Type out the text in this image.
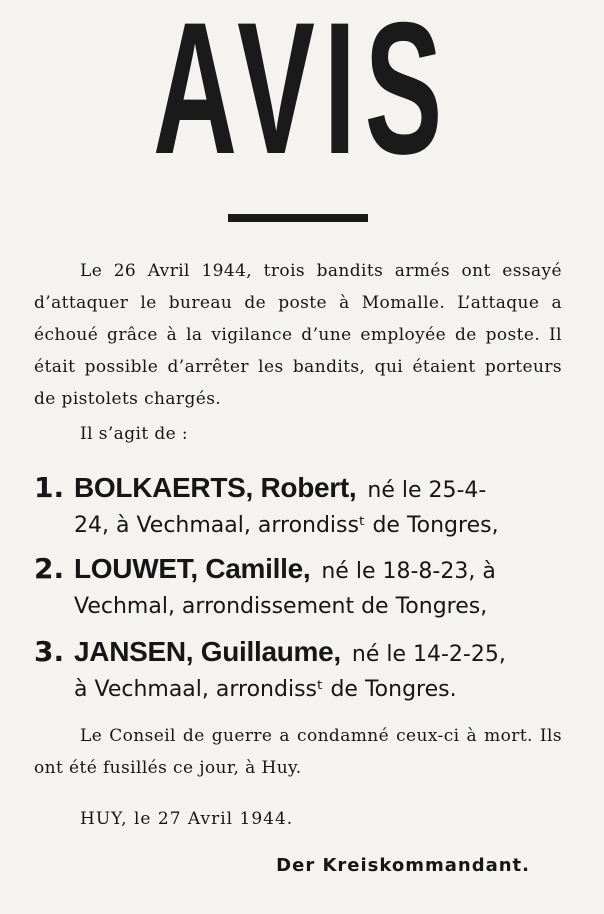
AVIS
Le 26 Avril 1944, trois bandits armés ont essayé d’attaquer le bureau de poste à Momalle. L’attaque a échoué grâce à la vigilance d’une employée de poste. Il était possible d’arrêter les bandits, qui étaient porteurs de pistolets chargés.
Il s’agit de :
1. BOLKAERTS, Robert, né le 25-4-
24, à Vechmaal, arrondissᵗ de Tongres,
2. LOUWET, Camille, né le 18-8-23, à
Vechmal, arrondissement de Tongres,
3. JANSEN, Guillaume, né le 14-2-25,
à Vechmaal, arrondissᵗ de Tongres.
Le Conseil de guerre a condamné ceux-ci à mort. Ils ont été fusillés ce jour, à Huy.
HUY, le 27 Avril 1944.
Der Kreiskommandant.
